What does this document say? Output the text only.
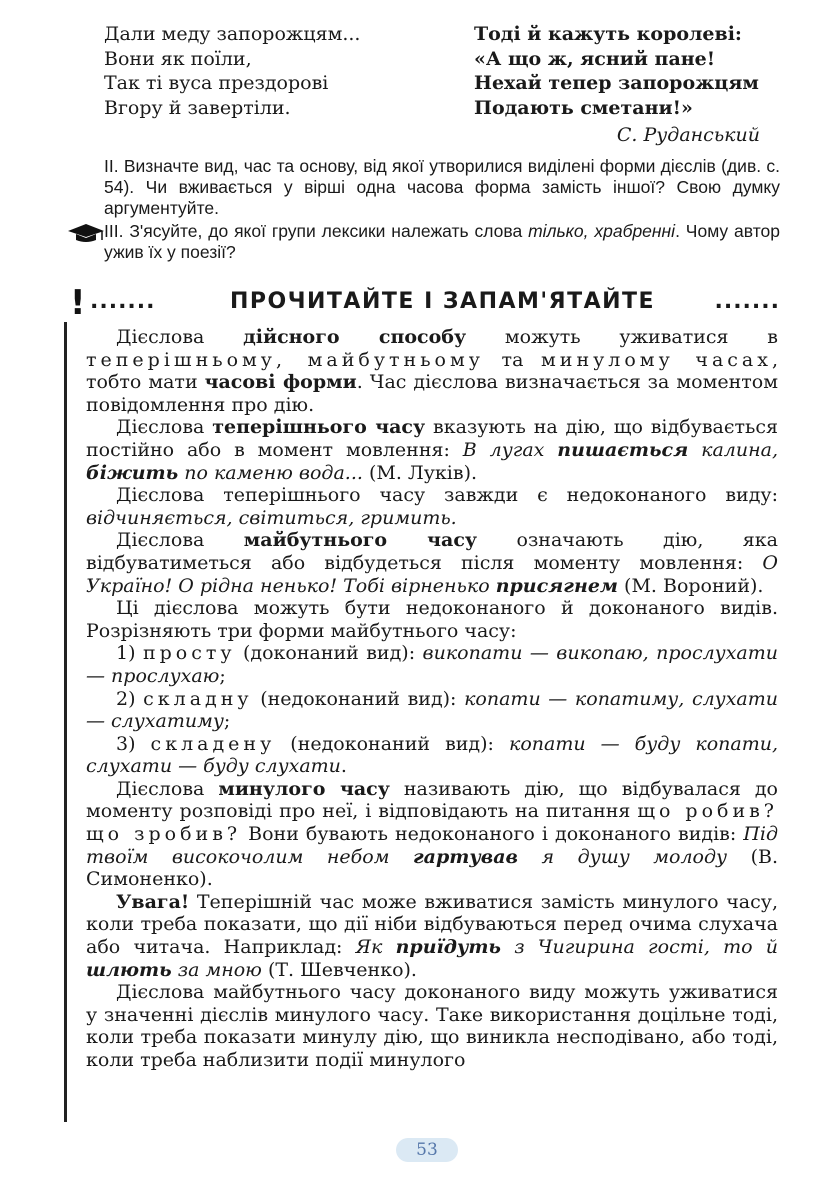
Дали меду запорожцям...
Вони як поїли,
Так ті вуса прездорові
Вгору й завертіли.
Тоді й кажуть королеві:
«А що ж, ясний пане!
Нехай тепер запорожцям
Подають сметани!»
С. Руданський
II. Визначте вид, час та основу, від якої утворилися виділені форми дієслів (див. с. 54). Чи вживається у вірші одна часова форма замість іншої? Свою думку аргументуйте.
III. З'ясуйте, до якої групи лексики належать слова тілько, храбренні. Чому автор ужив їх у поезії?
! .......	ПРОЧИТАЙТЕ І ЗАПАМ'ЯТАЙТЕ	.......

Дієслова дійсного способу можуть уживатися в теперішньому, майбутньому та минулому часах, тобто мати часові форми. Час дієслова визначається за моментом повідомлення про дію.

Дієслова теперішнього часу вказують на дію, що відбувається постійно або в момент мовлення: В лугах пишається калина, біжить по каменю вода... (М. Луків).

Дієслова теперішнього часу завжди є недоконаного виду: відчиняється, світиться, гримить.

Дієслова майбутнього часу означають дію, яка відбуватиметься або відбудеться після моменту мовлення: О Україно! О рідна ненько! Тобі вірненько присягнем (М. Вороний).

Ці дієслова можуть бути недоконаного й доконаного видів. Розрізняють три форми майбутнього часу:

1) просту (доконаний вид): викопати — викопаю, прослухати — прослухаю;

2) складну (недоконаний вид): копати — копатиму, слухати — слухатиму;

3) складену (недоконаний вид): копати — буду копати, слухати — буду слухати.

Дієслова минулого часу називають дію, що відбувалася до моменту розповіді про неї, і відповідають на питання що робив? що зробив? Вони бувають недоконаного і доконаного видів: Під твоїм високочолим небом гартував я душу молоду (В. Симоненко).

Увага! Теперішній час може вживатися замість минулого часу, коли треба показати, що дії ніби відбуваються перед очима слухача або читача. Наприклад: Як приїдуть з Чигирина гості, то й шлють за мною (Т. Шевченко).

Дієслова майбутнього часу доконаного виду можуть уживатися у значенні дієслів минулого часу. Таке використання доцільне тоді, коли треба показати минулу дію, що виникла несподівано, або тоді, коли треба наблизити події минулого

53
